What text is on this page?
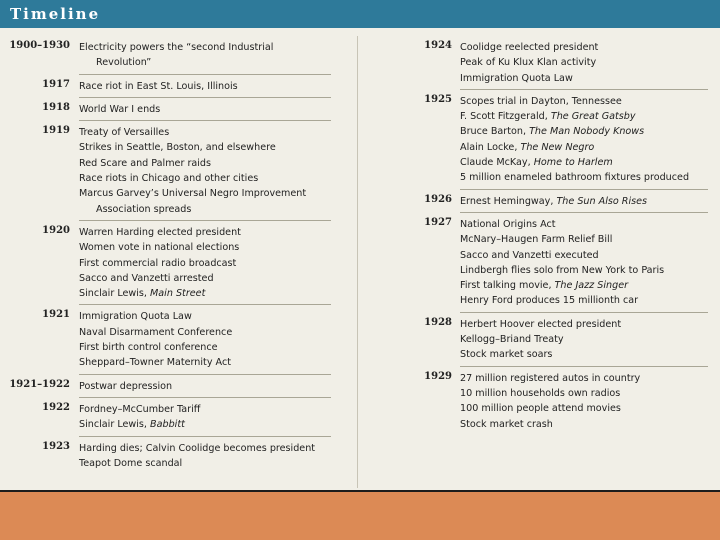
Timeline
1900–1930 Electricity powers the “second Industrial
Revolution”
1917 Race riot in East St. Louis, Illinois
1918 World War I ends
1919 Treaty of Versailles
Strikes in Seattle, Boston, and elsewhere
Red Scare and Palmer raids
Race riots in Chicago and other cities
Marcus Garvey’s Universal Negro Improvement
Association spreads
1920 Warren Harding elected president
Women vote in national elections
First commercial radio broadcast
Sacco and Vanzetti arrested
Sinclair Lewis, Main Street
1921 Immigration Quota Law
Naval Disarmament Conference
First birth control conference
Sheppard–Towner Maternity Act
1921–1922 Postwar depression
1922 Fordney–McCumber Tariff
Sinclair Lewis, Babbitt
1923 Harding dies; Calvin Coolidge becomes president
Teapot Dome scandal
1924 Coolidge reelected president
Peak of Ku Klux Klan activity
Immigration Quota Law
1925 Scopes trial in Dayton, Tennessee
F. Scott Fitzgerald, The Great Gatsby
Bruce Barton, The Man Nobody Knows
Alain Locke, The New Negro
Claude McKay, Home to Harlem
5 million enameled bathroom fixtures produced
1926 Ernest Hemingway, The Sun Also Rises
1927 National Origins Act
McNary–Haugen Farm Relief Bill
Sacco and Vanzetti executed
Lindbergh flies solo from New York to Paris
First talking movie, The Jazz Singer
Henry Ford produces 15 millionth car
1928 Herbert Hoover elected president
Kellogg–Briand Treaty
Stock market soars
1929 27 million registered autos in country
10 million households own radios
100 million people attend movies
Stock market crash
